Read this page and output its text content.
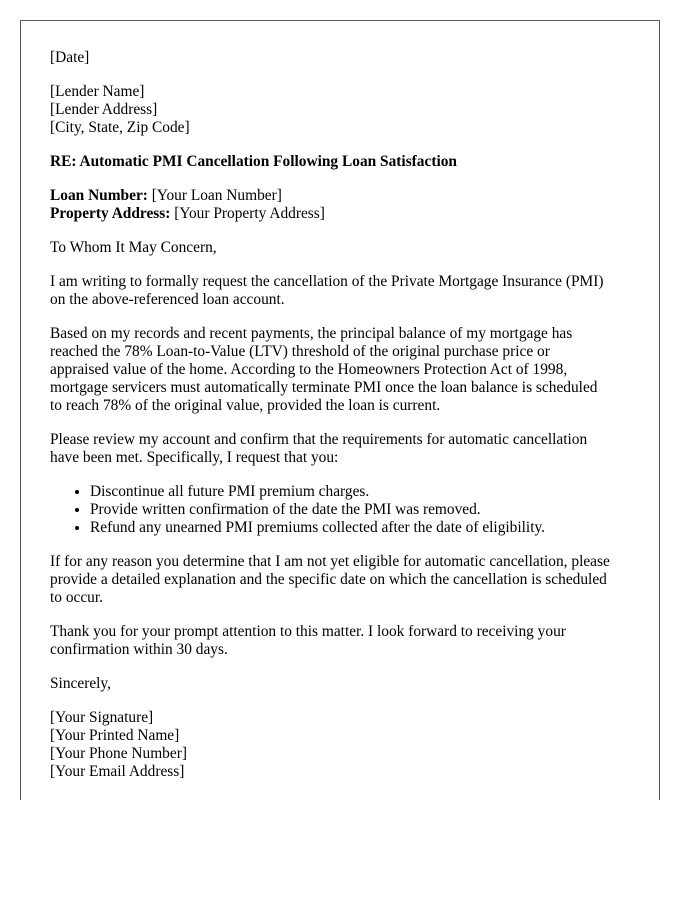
[Date]
[Lender Name]
[Lender Address]
[City, State, Zip Code]
RE: Automatic PMI Cancellation Following Loan Satisfaction
Loan Number: [Your Loan Number]
Property Address: [Your Property Address]
To Whom It May Concern,
I am writing to formally request the cancellation of the Private Mortgage Insurance (PMI)
on the above-referenced loan account.
Based on my records and recent payments, the principal balance of my mortgage has
reached the 78% Loan-to-Value (LTV) threshold of the original purchase price or
appraised value of the home. According to the Homeowners Protection Act of 1998,
mortgage servicers must automatically terminate PMI once the loan balance is scheduled
to reach 78% of the original value, provided the loan is current.
Please review my account and confirm that the requirements for automatic cancellation
have been met. Specifically, I request that you:
• Discontinue all future PMI premium charges.
• Provide written confirmation of the date the PMI was removed.
• Refund any unearned PMI premiums collected after the date of eligibility.
If for any reason you determine that I am not yet eligible for automatic cancellation, please
provide a detailed explanation and the specific date on which the cancellation is scheduled
to occur.
Thank you for your prompt attention to this matter. I look forward to receiving your
confirmation within 30 days.
Sincerely,
[Your Signature]
[Your Printed Name]
[Your Phone Number]
[Your Email Address]
